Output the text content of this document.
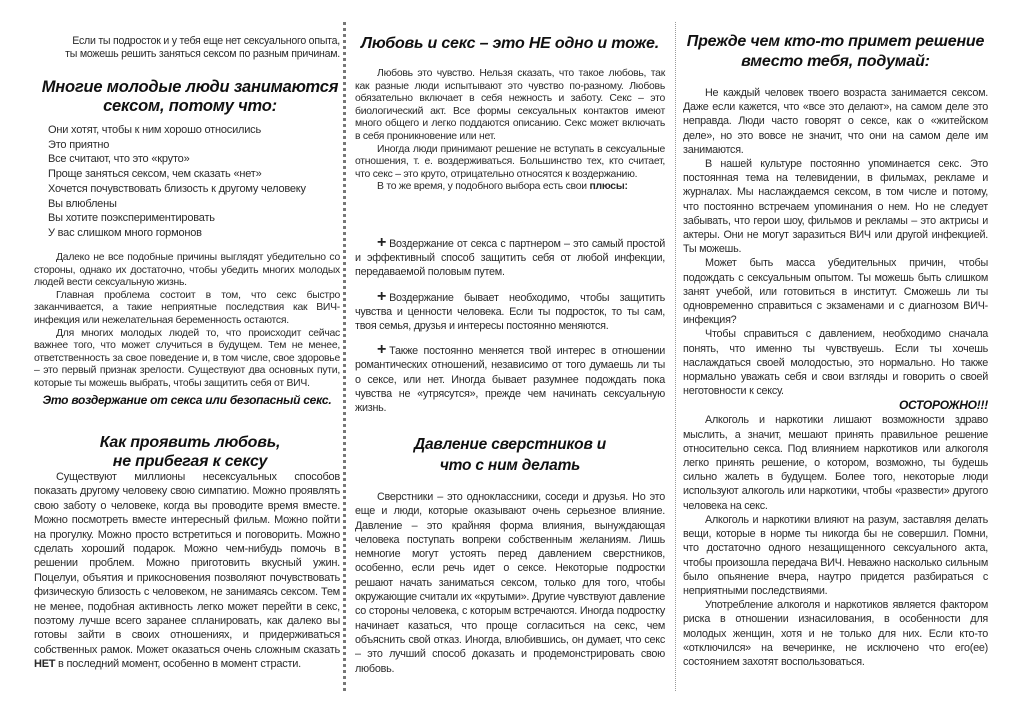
Если ты подросток и у тебя еще нет сексуального опыта,
ты можешь решить заняться сексом по разным причинам.
Многие молодые люди занимаются
сексом, потому что:
Они хотят, чтобы к ним хорошо относились
Это приятно
Все считают, что это «круто»
Проще заняться сексом, чем сказать «нет»
Хочется почувствовать близость к другому человеку
Вы влюблены
Вы хотите поэкспериментировать
У вас слишком много гормонов

Далеко не все подобные причины выглядят убедительно со стороны, однако их достаточно, чтобы убедить многих молодых людей вести сексуальную жизнь.

Главная проблема состоит в том, что секс быстро заканчивается, а такие неприятные последствия как ВИЧ-инфекция или нежелательная беременность остаются.

Для многих молодых людей то, что происходит сейчас важнее того, что может случиться в будущем. Тем не менее, ответственность за свое поведение и, в том числе, свое здоровье – это первый признак зрелости. Существуют два основных пути, которые ты можешь выбрать, чтобы защитить себя от ВИЧ.

Это воздержание от секса или безопасный секс.
Как проявить любовь,
не прибегая к сексу

Существуют миллионы несексуальных способов показать другому человеку свою симпатию. Можно проявлять свою заботу о человеке, когда вы проводите время вместе. Можно посмотреть вместе интересный фильм. Можно пойти на прогулку. Можно просто встретиться и поговорить. Можно сделать хороший подарок. Можно чем-нибудь помочь в решении проблем. Можно приготовить вкусный ужин. Поцелуи, объятия и прикосновения позволяют почувствовать физическую близость с человеком, не занимаясь сексом. Тем не менее, подобная активность легко может перейти в секс, поэтому лучше всего заранее спланировать, как далеко вы готовы зайти в своих отношениях, и придерживаться собственных рамок. Может оказаться очень сложным сказать НЕТ в последний момент, особенно в момент страсти.

Любовь и секс – это НЕ одно и тоже.

Любовь это чувство. Нельзя сказать, что такое любовь, так как разные люди испытывают это чувство по-разному. Любовь обязательно включает в себя нежность и заботу. Секс – это биологический акт. Все формы сексуальных контактов имеют много общего и легко поддаются описанию. Секс может включать в себя проникновение или нет.

Иногда люди принимают решение не вступать в сексуальные отношения, т. е. воздерживаться. Большинство тех, кто считает, что секс – это круто, отрицательно относятся к воздержанию.

В то же время, у подобного выбора есть свои плюсы:

+ Воздержание от секса с партнером – это самый простой и эффективный способ защитить себя от любой инфекции, передаваемой половым путем.

+ Воздержание бывает необходимо, чтобы защитить чувства и ценности человека. Если ты подросток, то ты сам, твоя семья, друзья и интересы постоянно меняются.

+ Также постоянно меняется твой интерес в отношении романтических отношений, независимо от того думаешь ли ты о сексе, или нет. Иногда бывает разумнее подождать пока чувства не «утрясутся», прежде чем начинать сексуальную жизнь.

Давление сверстников и
что с ним делать

Сверстники – это одноклассники, соседи и друзья. Но это еще и люди, которые оказывают очень серьезное влияние. Давление – это крайняя форма влияния, вынуждающая человека поступать вопреки собственным желаниям. Лишь немногие могут устоять перед давлением сверстников, особенно, если речь идет о сексе. Некоторые подростки решают начать заниматься сексом, только для того, чтобы окружающие считали их «крутыми». Другие чувствуют давление со стороны человека, с которым встречаются. Иногда подростку начинает казаться, что проще согласиться на секс, чем объяснить свой отказ. Иногда, влюбившись, он думает, что секс – это лучший способ доказать и продемонстрировать свою любовь.

Прежде чем кто-то примет решение
вместо тебя, подумай:

Не каждый человек твоего возраста занимается сексом. Даже если кажется, что «все это делают», на самом деле это неправда. Люди часто говорят о сексе, как о «житейском деле», но это вовсе не значит, что они на самом деле им занимаются.

В нашей культуре постоянно упоминается секс. Это постоянная тема на телевидении, в фильмах, рекламе и журналах. Мы наслаждаемся сексом, в том числе и потому, что постоянно встречаем упоминания о нем. Но не следует забывать, что герои шоу, фильмов и рекламы – это актрисы и актеры. Они не могут заразиться ВИЧ или другой инфекцией. Ты можешь.

Может быть масса убедительных причин, чтобы подождать с сексуальным опытом. Ты можешь быть слишком занят учебой, или готовиться в институт. Сможешь ли ты одновременно справиться с экзаменами и с диагнозом ВИЧ-инфекция?

Чтобы справиться с давлением, необходимо сначала понять, что именно ты чувствуешь. Если ты хочешь наслаждаться своей молодостью, это нормально. Но также нормально уважать себя и свои взгляды и говорить о своей неготовности к сексу.

ОСТОРОЖНО!!!

Алкоголь и наркотики лишают возможности здраво мыслить, а значит, мешают принять правильное решение относительно секса. Под влиянием наркотиков или алкоголя легко принять решение, о котором, возможно, ты будешь сильно жалеть в будущем. Более того, некоторые люди используют алкоголь или наркотики, чтобы «развести» другого человека на секс.

Алкоголь и наркотики влияют на разум, заставляя делать вещи, которые в норме ты никогда бы не совершил. Помни, что достаточно одного незащищенного сексуального акта, чтобы произошла передача ВИЧ. Неважно насколько сильным было опьянение вчера, наутро придется разбираться с неприятными последствиями.

Употребление алкоголя и наркотиков является фактором риска в отношении изнасилования, в особенности для молодых женщин, хотя и не только для них. Если кто-то «отключился» на вечеринке, не исключено что его(ее) состоянием захотят воспользоваться.
